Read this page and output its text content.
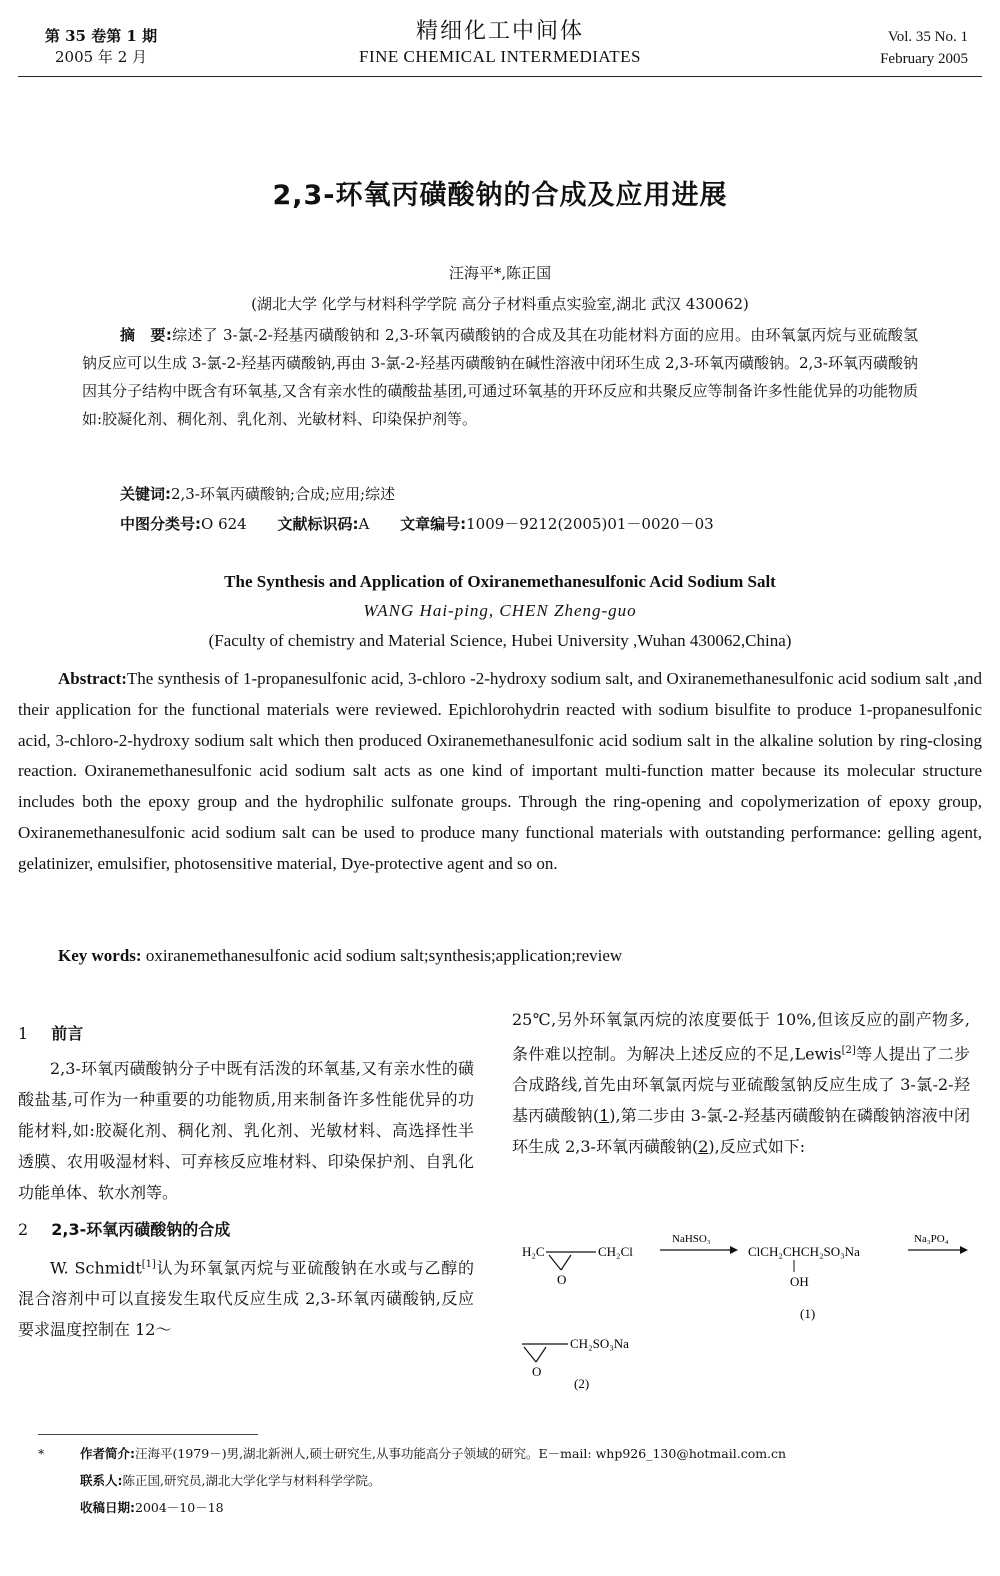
第 35 卷第 1 期
2005 年 2 月
精细化工中间体
FINE CHEMICAL INTERMEDIATES
Vol. 35 No. 1
February 2005
2,3-环氧丙磺酸钠的合成及应用进展
汪海平*,陈正国
(湖北大学 化学与材料科学学院 高分子材料重点实验室,湖北 武汉 430062)
摘　要:综述了 3-氯-2-羟基丙磺酸钠和 2,3-环氧丙磺酸钠的合成及其在功能材料方面的应用。由环氧氯丙烷与亚硫酸氢钠反应可以生成 3-氯-2-羟基丙磺酸钠,再由 3-氯-2-羟基丙磺酸钠在碱性溶液中闭环生成 2,3-环氧丙磺酸钠。2,3-环氧丙磺酸钠因其分子结构中既含有环氧基,又含有亲水性的磺酸盐基团,可通过环氧基的开环反应和共聚反应等制备许多性能优异的功能物质如:胶凝化剂、稠化剂、乳化剂、光敏材料、印染保护剂等。
关键词:2,3-环氧丙磺酸钠;合成;应用;综述
中图分类号:O 624 文献标识码:A 文章编号:1009－9212(2005)01－0020－03
The Synthesis and Application of Oxiranemethanesulfonic Acid Sodium Salt
WANG Hai-ping, CHEN Zheng-guo
(Faculty of chemistry and Material Science, Hubei University ,Wuhan 430062,China)
Abstract:The synthesis of 1-propanesulfonic acid, 3-chloro -2-hydroxy sodium salt, and Oxiranemethanesulfonic acid sodium salt ,and their application for the functional materials were reviewed. Epichlorohydrin reacted with sodium bisulfite to produce 1-propanesulfonic acid, 3-chloro-2-hydroxy sodium salt which then produced Oxiranemethanesulfonic acid sodium salt in the alkaline solution by ring-closing reaction. Oxiranemethanesulfonic acid sodium salt acts as one kind of important multi-function matter because its molecular structure includes both the epoxy group and the hydrophilic sulfonate groups. Through the ring-opening and copolymerization of epoxy group, Oxiranemethanesulfonic acid sodium salt can be used to produce many functional materials with outstanding performance: gelling agent, gelatinizer, emulsifier, photosensitive material, Dye-protective agent and so on.
Key words: oxiranemethanesulfonic acid sodium salt;synthesis;application;review
1 前言
2,3-环氧丙磺酸钠分子中既有活泼的环氧基,又有亲水性的磺酸盐基,可作为一种重要的功能物质,用来制备许多性能优异的功能材料,如:胶凝化剂、稠化剂、乳化剂、光敏材料、高选择性半透膜、农用吸湿材料、可弃核反应堆材料、印染保护剂、自乳化功能单体、软水剂等。
2 2,3-环氧丙磺酸钠的合成
W. Schmidt[1]认为环氧氯丙烷与亚硫酸钠在水或与乙醇的混合溶剂中可以直接发生取代反应生成 2,3-环氧丙磺酸钠,反应要求温度控制在 12～
25℃,另外环氧氯丙烷的浓度要低于 10%,但该反应的副产物多,条件难以控制。为解决上述反应的不足,Lewis[2]等人提出了二步合成路线,首先由环氧氯丙烷与亚硫酸氢钠反应生成了 3-氯-2-羟基丙磺酸钠(1),第二步由 3-氯-2-羟基丙磺酸钠在磷酸钠溶液中闭环生成 2,3-环氧丙磺酸钠(2),反应式如下:
H₂C	CH₂Cl
O
NaHSO₃
ClCH₂CHCH₂SO₃Na
OH
Na₃PO₄
(1)
CH₂SO₃Na
O
(2)
*	作者简介:汪海平(1979－)男,湖北新洲人,硕士研究生,从事功能高分子领域的研究。E－mail: whp926_130@hotmail.com.cn
联系人:陈正国,研究员,湖北大学化学与材料科学学院。
收稿日期:2004－10－18
